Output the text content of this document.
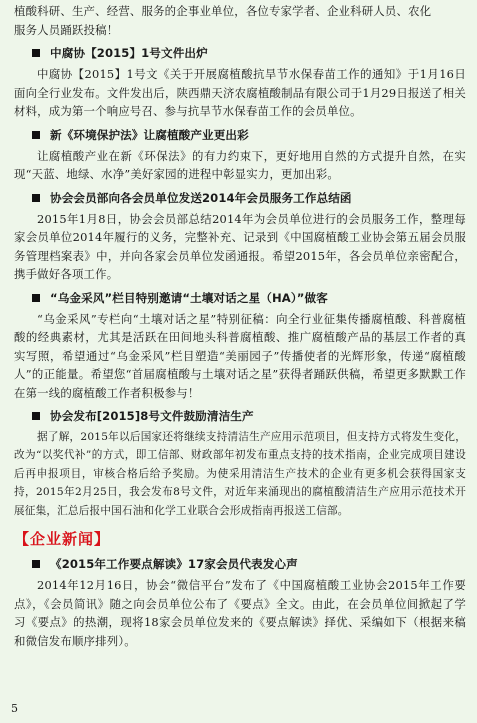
植酸科研、生产、经营、服务的企事业单位，各位专家学者、企业科研人员、农化

服务人员踊跃投稿！

中腐协【2015】1号文件出炉

中腐协【2015】1号文《关于开展腐植酸抗旱节水保春苗工作的通知》于1月16日面向全行业发布。文件发出后，陕西鼎天济农腐植酸制品有限公司于1月29日报送了相关材料，成为第一个响应号召、参与抗旱节水保春苗工作的会员单位。

新《环境保护法》让腐植酸产业更出彩

让腐植酸产业在新《环保法》的有力约束下，更好地用自然的方式提升自然，在实现“天蓝、地绿、水净”美好家园的进程中彰显实力，更加出彩。

协会会员部向各会员单位发送2014年会员服务工作总结函

2015年1月8日，协会会员部总结2014年为会员单位进行的会员服务工作，整理每家会员单位2014年履行的义务，完整补充、记录到《中国腐植酸工业协会第五届会员服务管理档案表》中，并向各家会员单位发函通报。希望2015年，各会员单位亲密配合，携手做好各项工作。

“乌金采风”栏目特别邀请“土壤对话之星（HA）”做客

“乌金采风”专栏向“土壤对话之星”特别征稿：向全行业征集传播腐植酸、科普腐植酸的经典素材，尤其是活跃在田间地头科普腐植酸、推广腐植酸产品的基层工作者的真实写照，希望通过“乌金采风”栏目塑造“美丽园子”传播使者的光辉形象，传递“腐植酸人”的正能量。希望您“首届腐植酸与土壤对话之星”获得者踊跃供稿，希望更多默默工作在第一线的腐植酸工作者积极参与！

协会发布[2015]8号文件鼓励清洁生产

据了解，2015年以后国家还将继续支持清洁生产应用示范项目，但支持方式将发生变化，改为“以奖代补”的方式，即工信部、财政部年初发布重点支持的技术指南，企业完成项目建设后再申报项目，审核合格后给予奖励。为使采用清洁生产技术的企业有更多机会获得国家支持，2015年2月25日，我会发布8号文件，对近年来涌现出的腐植酸清洁生产应用示范技术开展征集，汇总后报中国石油和化学工业联合会形成指南再报送工信部。

【企业新闻】
《2015年工作要点解读》17家会员代表发心声

2014年12月16日，协会“微信平台”发布了《中国腐植酸工业协会2015年工作要点》，《会员简讯》随之向会员单位公布了《要点》全文。由此，在会员单位间掀起了学习《要点》的热潮，现将18家会员单位发来的《要点解读》择优、采编如下（根据来稿和微信发布顺序排列）。

5
